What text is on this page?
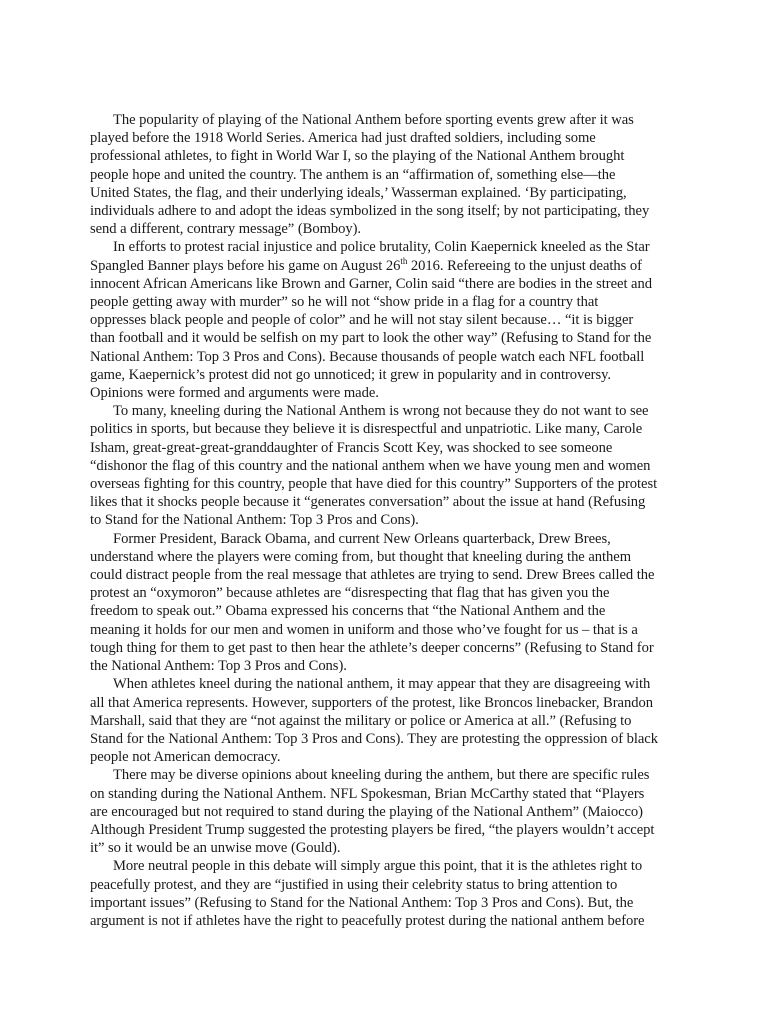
The popularity of playing of the National Anthem before sporting events grew after it was played before the 1918 World Series. America had just drafted soldiers, including some professional athletes, to fight in World War I, so the playing of the National Anthem brought people hope and united the country. The anthem is an “affirmation of, something else—the United States, the flag, and their underlying ideals,’ Wasserman explained. ‘By participating, individuals adhere to and adopt the ideas symbolized in the song itself; by not participating, they send a different, contrary message” (Bomboy).

In efforts to protest racial injustice and police brutality, Colin Kaepernick kneeled as the Star Spangled Banner plays before his game on August 26th 2016. Refereeing to the unjust deaths of innocent African Americans like Brown and Garner, Colin said “there are bodies in the street and people getting away with murder” so he will not “show pride in a flag for a country that oppresses black people and people of color” and he will not stay silent because… “it is bigger than football and it would be selfish on my part to look the other way” (Refusing to Stand for the National Anthem: Top 3 Pros and Cons). Because thousands of people watch each NFL football game, Kaepernick’s protest did not go unnoticed; it grew in popularity and in controversy. Opinions were formed and arguments were made.

To many, kneeling during the National Anthem is wrong not because they do not want to see politics in sports, but because they believe it is disrespectful and unpatriotic. Like many, Carole Isham, great-great-great-granddaughter of Francis Scott Key, was shocked to see someone “dishonor the flag of this country and the national anthem when we have young men and women overseas fighting for this country, people that have died for this country” Supporters of the protest likes that it shocks people because it “generates conversation” about the issue at hand (Refusing to Stand for the National Anthem: Top 3 Pros and Cons).

Former President, Barack Obama, and current New Orleans quarterback, Drew Brees, understand where the players were coming from, but thought that kneeling during the anthem could distract people from the real message that athletes are trying to send. Drew Brees called the protest an “oxymoron” because athletes are “disrespecting that flag that has given you the freedom to speak out.” Obama expressed his concerns that “the National Anthem and the meaning it holds for our men and women in uniform and those who’ve fought for us – that is a tough thing for them to get past to then hear the athlete’s deeper concerns” (Refusing to Stand for the National Anthem: Top 3 Pros and Cons).

When athletes kneel during the national anthem, it may appear that they are disagreeing with all that America represents. However, supporters of the protest, like Broncos linebacker, Brandon Marshall, said that they are “not against the military or police or America at all.” (Refusing to Stand for the National Anthem: Top 3 Pros and Cons). They are protesting the oppression of black people not American democracy.

There may be diverse opinions about kneeling during the anthem, but there are specific rules on standing during the National Anthem. NFL Spokesman, Brian McCarthy stated that “Players are encouraged but not required to stand during the playing of the National Anthem” (Maiocco) Although President Trump suggested the protesting players be fired, “the players wouldn’t accept it” so it would be an unwise move (Gould).

More neutral people in this debate will simply argue this point, that it is the athletes right to peacefully protest, and they are “justified in using their celebrity status to bring attention to important issues” (Refusing to Stand for the National Anthem: Top 3 Pros and Cons). But, the argument is not if athletes have the right to peacefully protest during the national anthem before
